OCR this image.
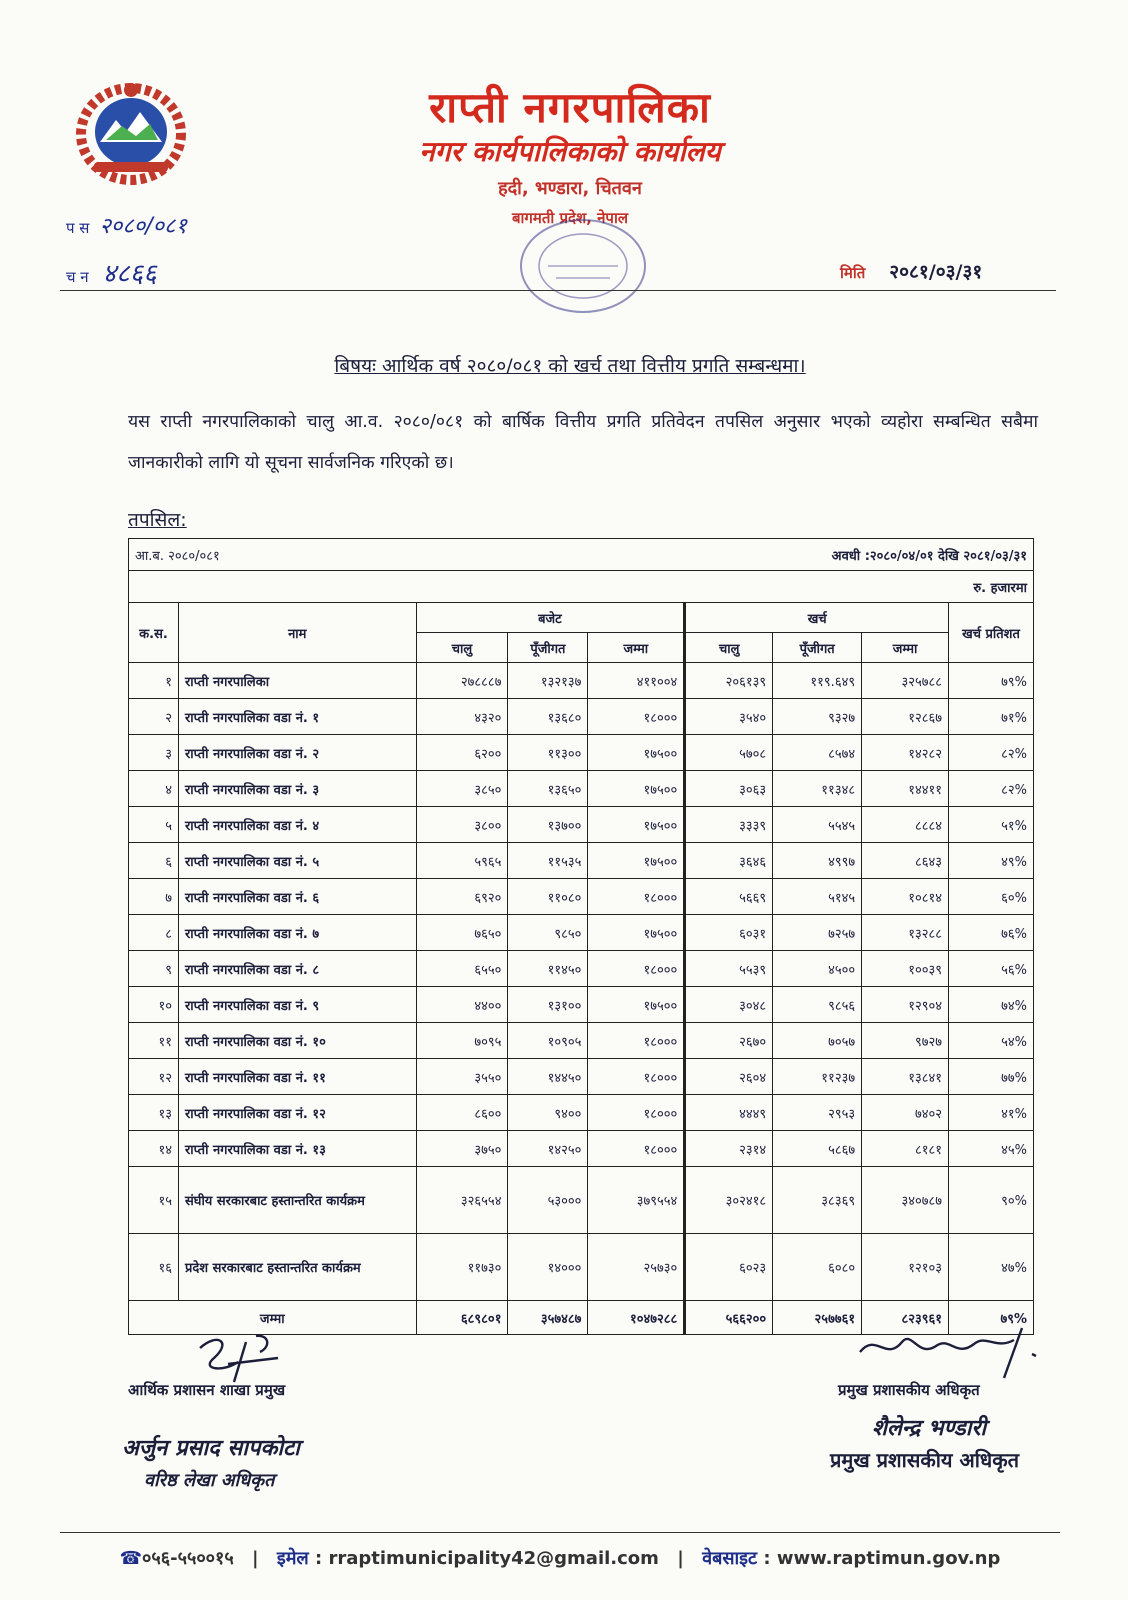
राप्ती नगरपालिका
नगर कार्यपालिकाको कार्यालय
हदी, भण्डारा, चितवन
बागमती प्रदेश, नेपाल
प स २०८०/०८१
च न ४८६६	मिति २०८१/०३/३१
बिषयः आर्थिक वर्ष २०८०/०८१ को खर्च तथा वित्तीय प्रगति सम्बन्धमा।
यस राप्ती नगरपालिकाको चालु आ.व. २०८०/०८१ को बार्षिक वित्तीय प्रगति प्रतिवेदन तपसिल अनुसार भएको व्यहोरा सम्बन्धित सबैमा जानकारीको लागि यो सूचना सार्वजनिक गरिएको छ।
तपसिल:
आ.ब. २०८०/०८१ अवधी :२०८०/०४/०१ देखि २०८१/०३/३१								

रु. हजारमा								
क.स.	नाम	बजेट			खर्च			खर्च प्रतिशत
		चालु	पूँजीगत	जम्मा	चालु	पूँजीगत	जम्मा	
१	राप्ती नगरपालिका	२७८८८७	१३२१३७	४११००४	२०६१३९	११९.६४९	३२५७८८	७९%
२	राप्ती नगरपालिका वडा नं. १	४३२०	१३६८०	१८०००	३५४०	९३२७	१२८६७	७१%
३	राप्ती नगरपालिका वडा नं. २	६२००	११३००	१७५००	५७०८	८५७४	१४२८२	८२%
४	राप्ती नगरपालिका वडा नं. ३	३८५०	१३६५०	१७५००	३०६३	११३४८	१४४११	८२%
५	राप्ती नगरपालिका वडा नं. ४	३८००	१३७००	१७५००	३३३९	५५४५	८८८४	५१%
६	राप्ती नगरपालिका वडा नं. ५	५९६५	११५३५	१७५००	३६४६	४९९७	८६४३	४९%
७	राप्ती नगरपालिका वडा नं. ६	६९२०	११०८०	१८०००	५६६९	५१४५	१०८१४	६०%
८	राप्ती नगरपालिका वडा नं. ७	७६५०	९८५०	१७५००	६०३१	७२५७	१३२८८	७६%
९	राप्ती नगरपालिका वडा नं. ८	६५५०	११४५०	१८०००	५५३९	४५००	१००३९	५६%
१०	राप्ती नगरपालिका वडा नं. ९	४४००	१३१००	१७५००	३०४८	९८५६	१२९०४	७४%
११	राप्ती नगरपालिका वडा नं. १०	७०९५	१०९०५	१८०००	२६७०	७०५७	९७२७	५४%
१२	राप्ती नगरपालिका वडा नं. ११	३५५०	१४४५०	१८०००	२६०४	११२३७	१३८४१	७७%
१३	राप्ती नगरपालिका वडा नं. १२	८६००	९४००	१८०००	४४४९	२९५३	७४०२	४१%
१४	राप्ती नगरपालिका वडा नं. १३	३७५०	१४२५०	१८०००	२३१४	५८६७	८१८१	४५%
१५	संघीय सरकारबाट हस्तान्तरित कार्यक्रम	३२६५५४	५३०००	३७९५५४	३०२४१८	३८३६९	३४०७८७	९०%
१६	प्रदेश सरकारबाट हस्तान्तरित कार्यक्रम	११७३०	१४०००	२५७३०	६०२३	६०८०	१२१०३	४७%
जम्मा		६८९८०१	३५७४८७	१०४७२८८	५६६२००	२५७७६१	८२३९६१	७९%
आर्थिक प्रशासन शाखा प्रमुख
अर्जुन प्रसाद सापकोटा
वरिष्ठ लेखा अधिकृत
प्रमुख प्रशासकीय अधिकृत
शैलेन्द्र भण्डारी
प्रमुख प्रशासकीय अधिकृत
☎०५६-५५००१५ | इमेल : rraptimunicipality42@gmail.com | वेबसाइट : www.raptimun.gov.np
